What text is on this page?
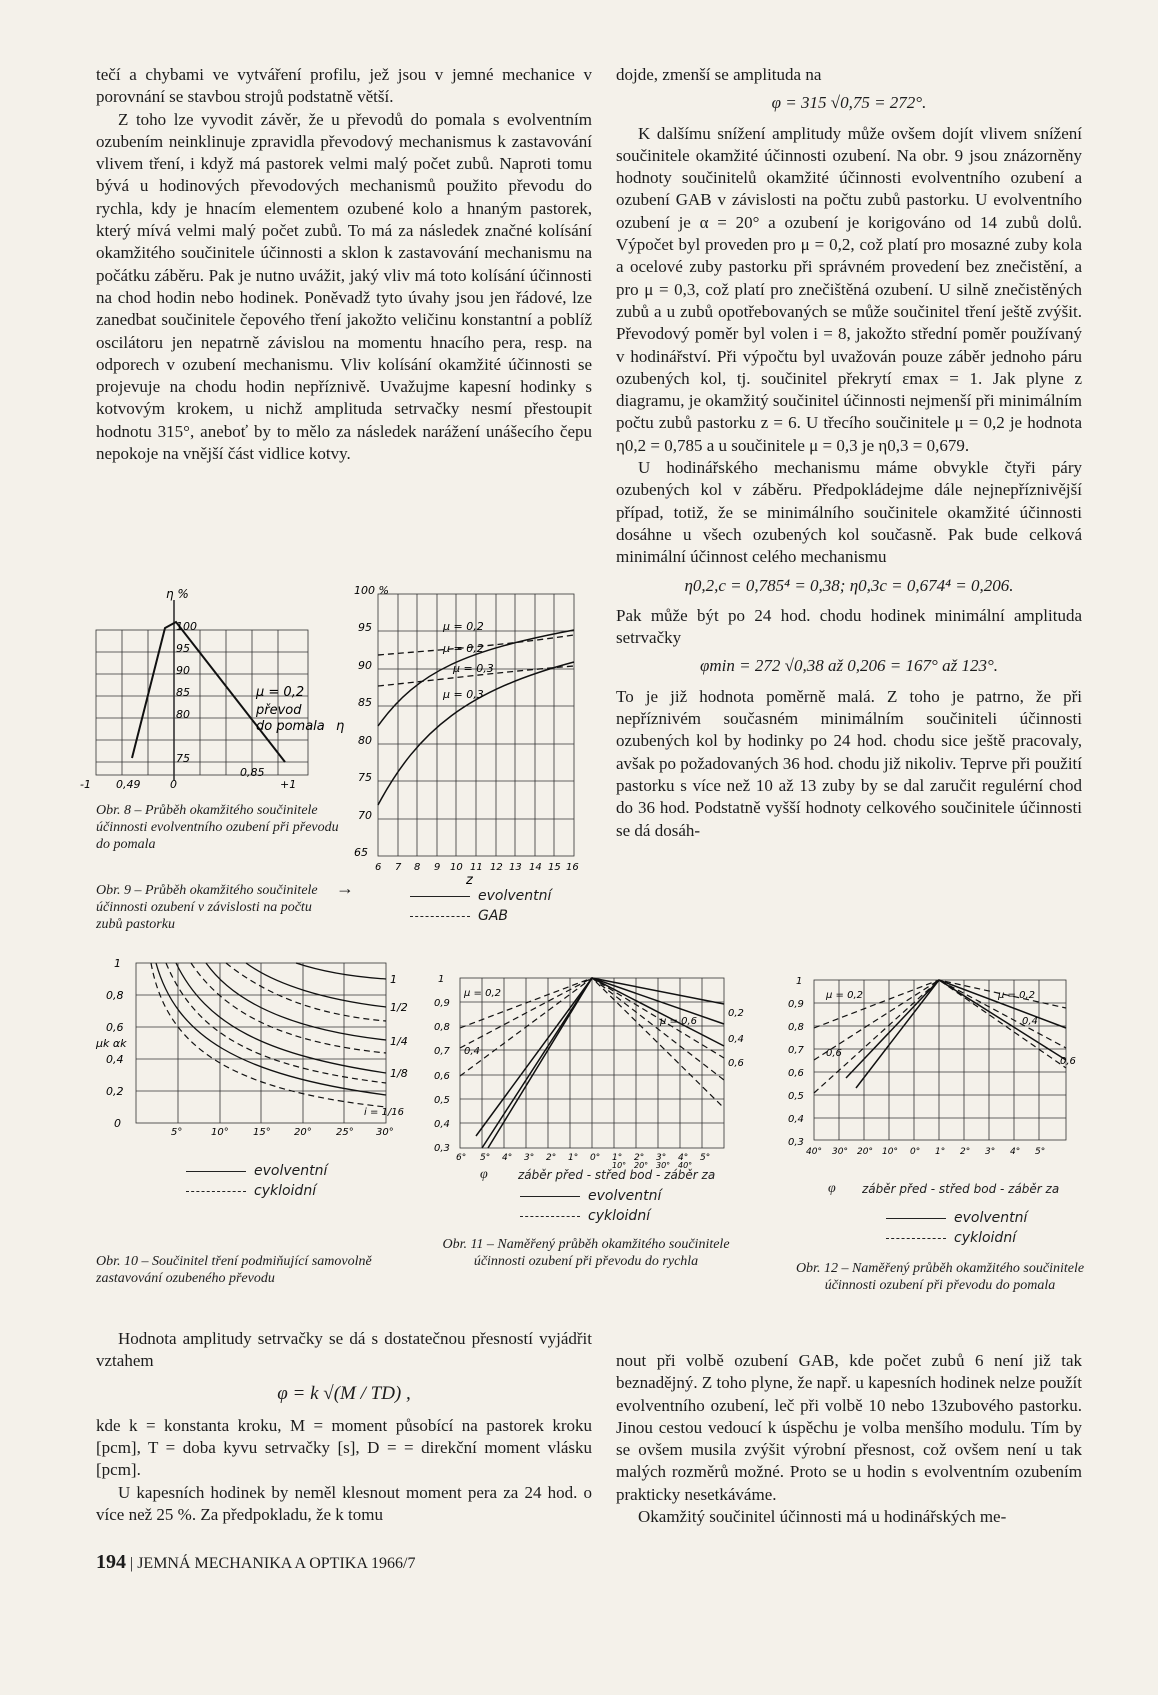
tečí a chybami ve vytváření profilu, jež jsou v jemné mechanice v porovnání se stavbou strojů podstatně větší.

Z toho lze vyvodit závěr, že u převodů do pomala s evolventním ozubením neinklinuje zpravidla převodový mechanismus k zastavování vlivem tření, i když má pastorek velmi malý počet zubů. Naproti tomu bývá u hodinových převodových mechanismů použito převodu do rychla, kdy je hnacím elementem ozubené kolo a hnaným pastorek, který mívá velmi malý počet zubů. To má za následek značné kolísání okamžitého součinitele účinnosti a sklon k zastavování mechanismu na počátku záběru. Pak je nutno uvážit, jaký vliv má toto kolísání účinnosti na chod hodin nebo hodinek. Poněvadž tyto úvahy jsou jen řádové, lze zanedbat součinitele čepového tření jakožto veličinu konstantní a poblíž oscilátoru jen nepatrně závislou na momentu hnacího pera, resp. na odporech v ozubení mechanismu. Vliv kolísání okamžité účinnosti se projevuje na chodu hodin nepříznivě. Uvažujme kapesní hodinky s kotvovým krokem, u nichž amplituda setrvačky nesmí přestoupit hodnotu 315°, aneboť by to mělo za následek narážení unášecího čepu nepokoje na vnější část vidlice kotvy.

dojde, zmenší se amplituda na

φ = 315 √0,75 = 272°.

K dalšímu snížení amplitudy může ovšem dojít vlivem snížení součinitele okamžité účinnosti ozubení. Na obr. 9 jsou znázorněny hodnoty součinitelů okamžité účinnosti evolventního ozubení a ozubení GAB v závislosti na počtu zubů pastorku. U evolventního ozubení je α = 20° a ozubení je korigováno od 14 zubů dolů. Výpočet byl proveden pro μ = 0,2, což platí pro mosazné zuby kola a ocelové zuby pastorku při správném provedení bez znečistění, a pro μ = 0,3, což platí pro znečištěná ozubení. U silně znečistěných zubů a u zubů opotřebovaných se může součinitel tření ještě zvýšit. Převodový poměr byl volen i = 8, jakožto střední poměr používaný v hodinářství. Při výpočtu byl uvažován pouze záběr jednoho páru ozubených kol, tj. součinitel překrytí εmax = 1. Jak plyne z diagramu, je okamžitý součinitel účinnosti nejmenší při minimálním počtu zubů pastorku z = 6. U třecího součinitele μ = 0,2 je hodnota η0,2 = 0,785 a u součinitele μ = 0,3 je η0,3 = 0,679.

U hodinářského mechanismu máme obvykle čtyři páry ozubených kol v záběru. Předpokládejme dále nejnepříznivější případ, totiž, že se minimálního součinitele okamžité účinnosti dosáhne u všech ozubených kol současně. Pak bude celková minimální účinnost celého mechanismu

η0,2,c = 0,785⁴ = 0,38; η0,3c = 0,674⁴ = 0,206.

Pak může být po 24 hod. chodu hodinek minimální amplituda setrvačky

φmin = 272 √0,38 až 0,206 = 167° až 123°.

To je již hodnota poměrně malá. Z toho je patrno, že při nepříznivém současném minimálním součiniteli účinnosti ozubených kol by hodinky po 24 hod. chodu sice ještě pracovaly, avšak po požadovaných 36 hod. chodu již nikoliv. Teprve při použití pastorku s více než 10 až 13 zuby by se dal zaručit regulérní chod do 36 hod. Podstatně vyšší hodnoty celkového součinitele účinnosti se dá dosáh-

η %
100
95
90
85
80
75
-1 0,49	0
0,85
+1
μ = 0,2
převod
do pomala
Obr. 8 – Průběh okamžitého součinitele účinnosti evolventního ozubení při převodu do pomala
Obr. 9 – Průběh okamžitého součinitele účinnosti ozubení v závislosti na počtu zubů pastorku
→
100 %
95
90
85
80
75
70
65
η
6 7 8 9 10 11 12 13 14 15 16
z
μ = 0,2
μ = 0,2
μ = 0,3
μ = 0,3
evolventní
GAB
1
0,8
0,6
0,4
0,2
0
μk αk
5°	10° 15° 20° 25° 30°
1
1/2
1/4
1/8
i = 1/16
evolventní
cykloidní
Obr. 10 – Součinitel tření podmiňující samovolně zastavování ozubeného převodu
1
0,9
0,8
0,7
0,6
0,5
0,4
0,3
0,2
0,4
0,6
6° 5° 4° 3° 2° 1° 0° 1° 2° 3° 4° 5°
10° 20° 30° 40°
μ = 0,2
0,4
μ = 0,6
φ	záběr před - střed bod - záběr za
evolventní
cykloidní
Obr. 11 – Naměřený průběh okamžitého součinitele účinnosti ozubení při převodu do rychla
1
0,9
0,8
0,7
0,6
0,5
0,4
0,3
40° 30° 20° 10° 0° 1° 2° 3° 4° 5°
μ = 0,2	μ = 0,2
0,4
0,6
0,6
φ záběr před - střed bod - záběr za
evolventní
cykloidní
Obr. 12 – Naměřený průběh okamžitého součinitele účinnosti ozubení při převodu do pomala

Hodnota amplitudy setrvačky se dá s dostatečnou přesností vyjádřit vztahem

φ = k √(M / TD) ,

kde k = konstanta kroku, M = moment působící na pastorek kroku [pcm], T = doba kyvu setrvačky [s], D = = direkční moment vlásku [pcm].

U kapesních hodinek by neměl klesnout moment pera za 24 hod. o více než 25 %. Za předpokladu, že k tomu

nout při volbě ozubení GAB, kde počet zubů 6 není již tak beznadějný. Z toho plyne, že např. u kapesních hodinek nelze použít evolventního ozubení, leč při volbě 10 nebo 13zubového pastorku. Jinou cestou vedoucí k úspěchu je volba menšího modulu. Tím by se ovšem musila zvýšit výrobní přesnost, což ovšem není u tak malých rozměrů možné. Proto se u hodin s evolventním ozubením prakticky nesetkáváme.

Okamžitý součinitel účinnosti má u hodinářských me-

194 | JEMNÁ MECHANIKA A OPTIKA 1966/7
